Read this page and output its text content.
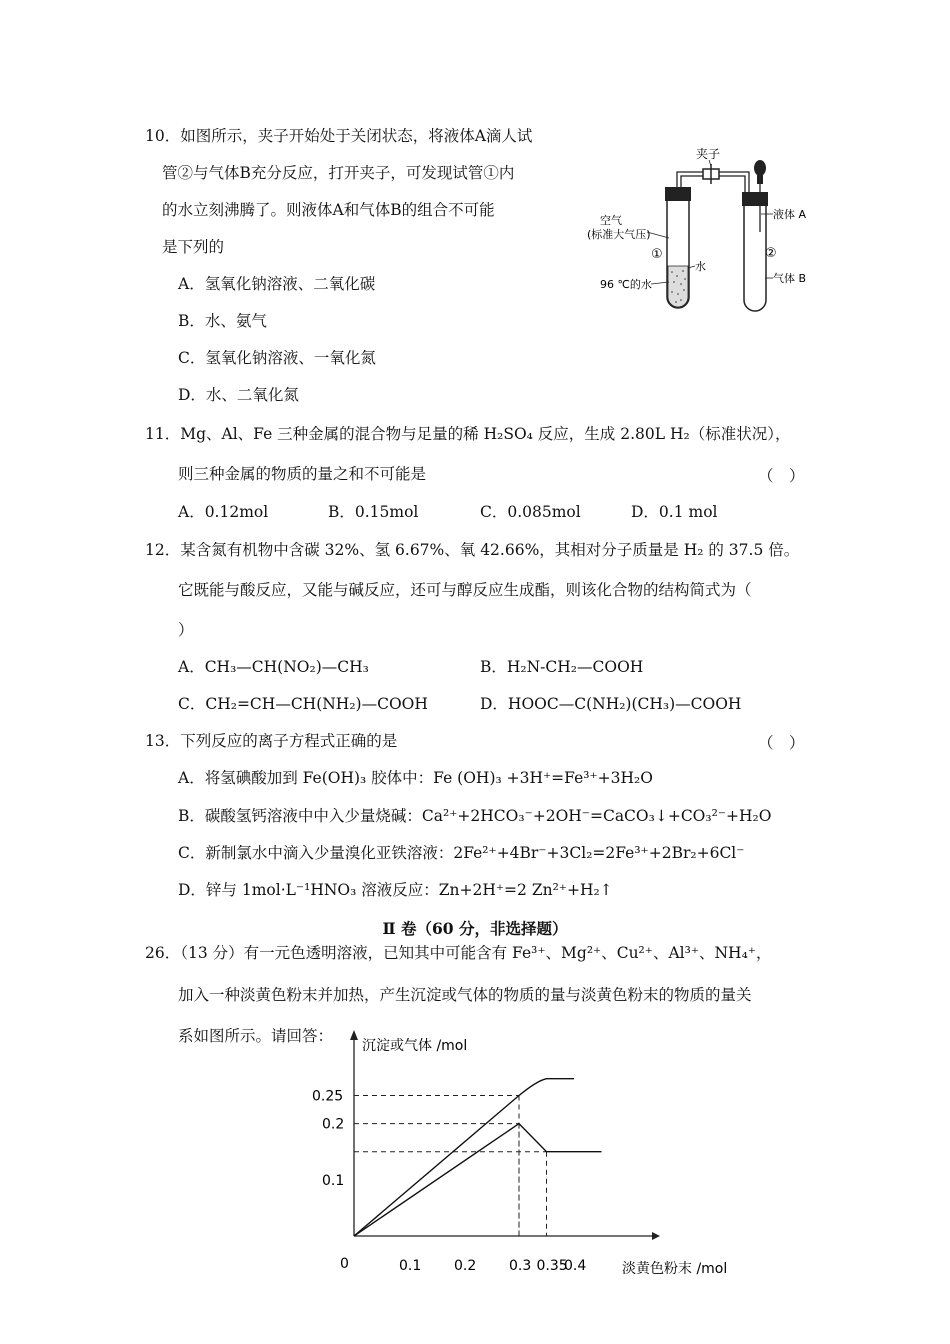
10．如图所示，夹子开始处于关闭状态，将液体A滴人试
管②与气体B充分反应，打开夹子，可发现试管①内
的水立刻沸腾了。则液体A和气体B的组合不可能
是下列的
A．氢氧化钠溶液、二氧化碳
B．水、氨气
C．氢氧化钠溶液、一氧化氮
D．水、二氧化氮
夹子
空气
(标准大气压)
①
水
96 ℃的水
液体 A
②
气体 B
11．Mg、Al、Fe 三种金属的混合物与足量的稀 H₂SO₄ 反应，生成 2.80L H₂（标准状况），
则三种金属的物质的量之和不可能是	（　）
A．0.12mol	B．0.15mol	C．0.085mol	D．0.1 mol
12．某含氮有机物中含碳 32%、氢 6.67%、氧 42.66%，其相对分子质量是 H₂ 的 37.5 倍。
它既能与酸反应，又能与碱反应，还可与醇反应生成酯，则该化合物的结构简式为（
）
A．CH₃—CH(NO₂)—CH₃	B．H₂N-CH₂—COOH
C．CH₂=CH—CH(NH₂)—COOH	D．HOOC—C(NH₂)(CH₃)—COOH
13．下列反应的离子方程式正确的是	（　）
A．将氢碘酸加到 Fe(OH)₃ 胶体中：Fe (OH)₃ +3H⁺=Fe³⁺+3H₂O
B．碳酸氢钙溶液中中入少量烧碱：Ca²⁺+2HCO₃⁻+2OH⁻=CaCO₃↓+CO₃²⁻+H₂O
C．新制氯水中滴入少量溴化亚铁溶液：2Fe²⁺+4Br⁻+3Cl₂=2Fe³⁺+2Br₂+6Cl⁻
D．锌与 1mol·L⁻¹HNO₃ 溶液反应：Zn+2H⁺=2 Zn²⁺+H₂↑
Ⅱ 卷（60 分，非选择题）
26．（13 分）有一元色透明溶液，已知其中可能含有 Fe³⁺、Mg²⁺、Cu²⁺、Al³⁺、NH₄⁺，
加入一种淡黄色粉末并加热，产生沉淀或气体的物质的量与淡黄色粉末的物质的量关
系如图所示。请回答：
沉淀或气体 /mol
淡黄色粉末 /mol
0	0.1 0.2 0.3 0.35
0.4
0.1
0.2
0.25
